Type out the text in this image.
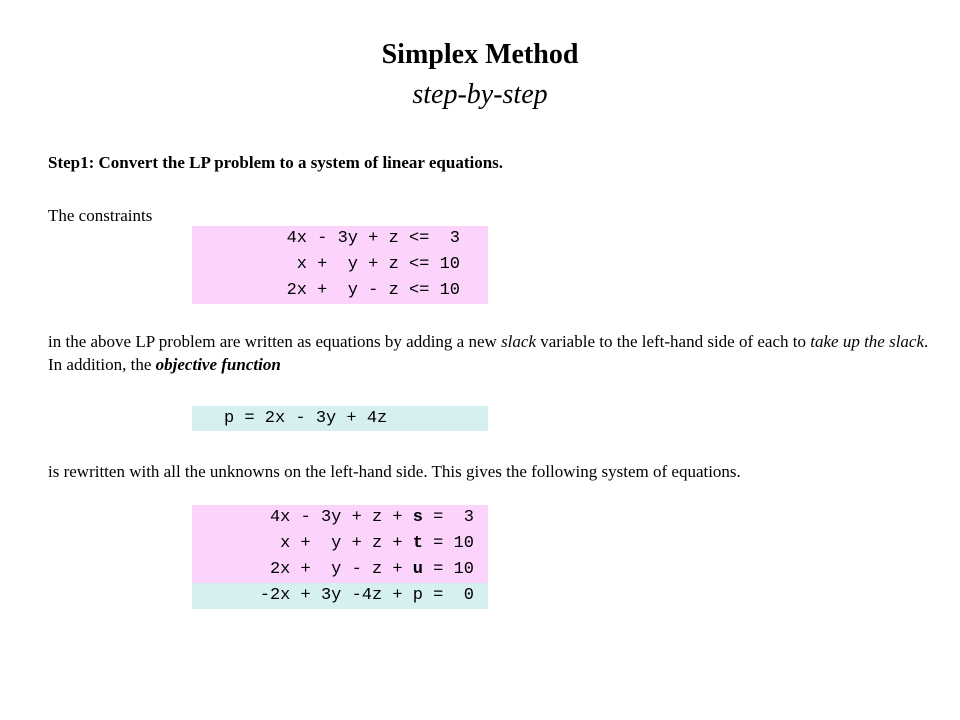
Simplex Method
step-by-step
Step1: Convert the LP problem to a system of linear equations.
The constraints
4x - 3y + z <=  3
x +  y + z <= 10
2x +  y - z <= 10
in the above LP problem are written as equations by adding a new slack variable to the left-hand side of each to take up the slack. In addition, the objective function
p = 2x - 3y + 4z
is rewritten with all the unknowns on the left-hand side. This gives the following system of equations.
4x - 3y + z + s =  3
x +  y + z + t = 10
2x +  y - z + u = 10
-2x + 3y -4z + p =  0
